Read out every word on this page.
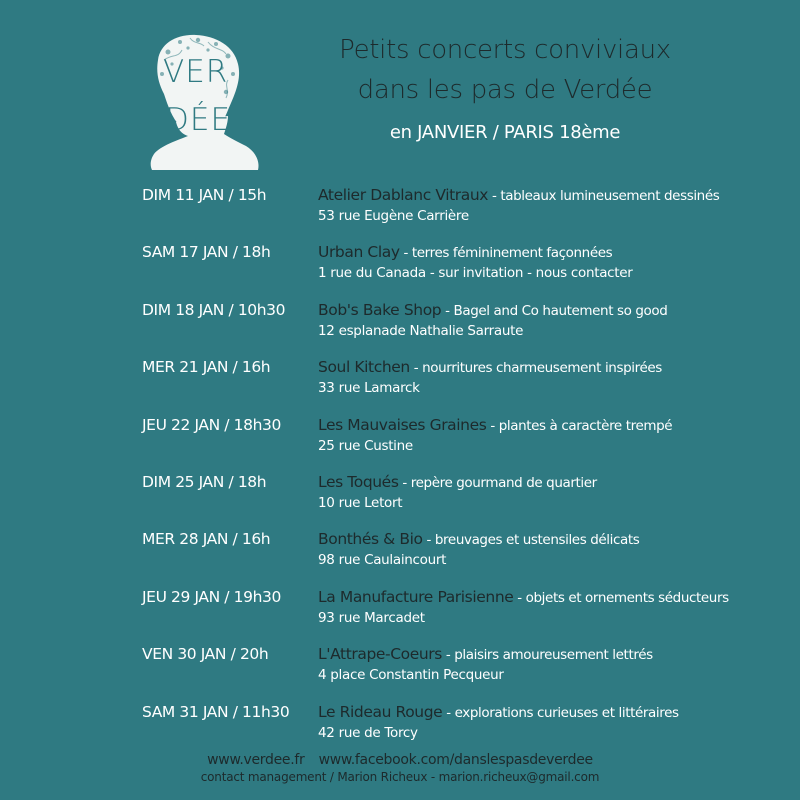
VER
DÉE
Petits concerts conviviaux
dans les pas de Verdée
en JANVIER / PARIS 18ème
DIM 11 JAN / 15h	Atelier Dablanc Vitraux - tableaux lumineusement dessinés
53 rue Eugène Carrière
SAM 17 JAN / 18h	Urban Clay - terres fémininement façonnées
1 rue du Canada - sur invitation - nous contacter
DIM 18 JAN / 10h30 Bob's Bake Shop - Bagel and Co hautement so good
12 esplanade Nathalie Sarraute
MER 21 JAN / 16h	Soul Kitchen - nourritures charmeusement inspirées
33 rue Lamarck
JEU 22 JAN / 18h30 Les Mauvaises Graines - plantes à caractère trempé
25 rue Custine
DIM 25 JAN / 18h	Les Toqués - repère gourmand de quartier
10 rue Letort
MER 28 JAN / 16h	Bonthés & Bio - breuvages et ustensiles délicats
98 rue Caulaincourt
JEU 29 JAN / 19h30 La Manufacture Parisienne - objets et ornements séducteurs
93 rue Marcadet
VEN 30 JAN / 20h	L'Attrape-Coeurs - plaisirs amoureusement lettrés
4 place Constantin Pecqueur
SAM 31 JAN / 11h30 Le Rideau Rouge - explorations curieuses et littéraires
42 rue de Torcy
www.verdee.fr www.facebook.com/danslespasdeverdee
contact management / Marion Richeux - marion.richeux@gmail.com
